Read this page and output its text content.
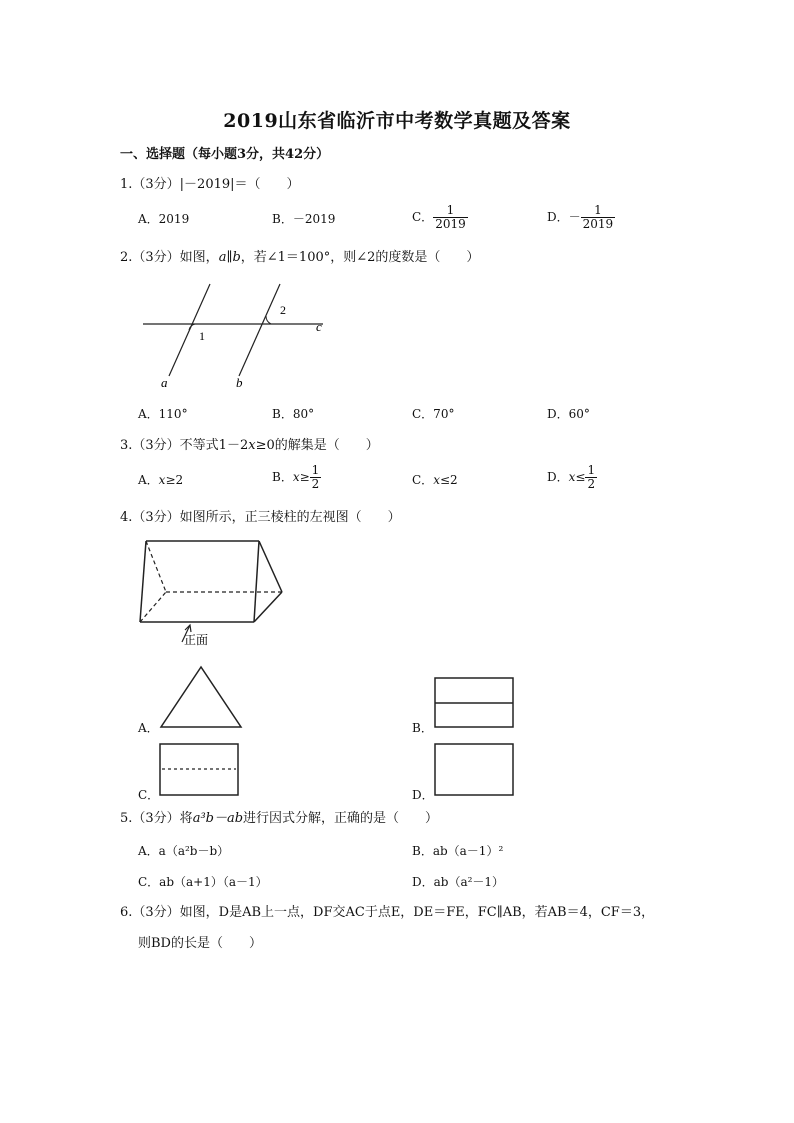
2019山东省临沂市中考数学真题及答案
一、选择题（每小题3分，共42分）
1.（3分）|－2019|＝（　　）
A．2019	B．－2019	C． $\frac{1}{2019}$	D．－ $\frac{1}{2019}$
2.（3分）如图，a∥b，若∠1＝100°，则∠2的度数是（　　）
1
2
a	b
c
A．110°	B．80°	C．70°	D．60°
3.（3分）不等式1－2x≥0的解集是（　　）
A．x≥2	B．$x\ge \frac{1}{2}$	C．x≤2	D．$x\le \frac{1}{2}$
4.（3分）如图所示，正三棱柱的左视图（　　）
正面
A．	B．
C．	D．
5.（3分）将a³b－ab进行因式分解，正确的是（　　）
A．a（a²b－b）	B．ab（a－1）²
C．ab（a+1）（a－1）	D．ab（a²－1）
6.（3分）如图，D是AB上一点，DF交AC于点E，DE＝FE，FC∥AB，若AB＝4，CF＝3，
则BD的长是（　　）
